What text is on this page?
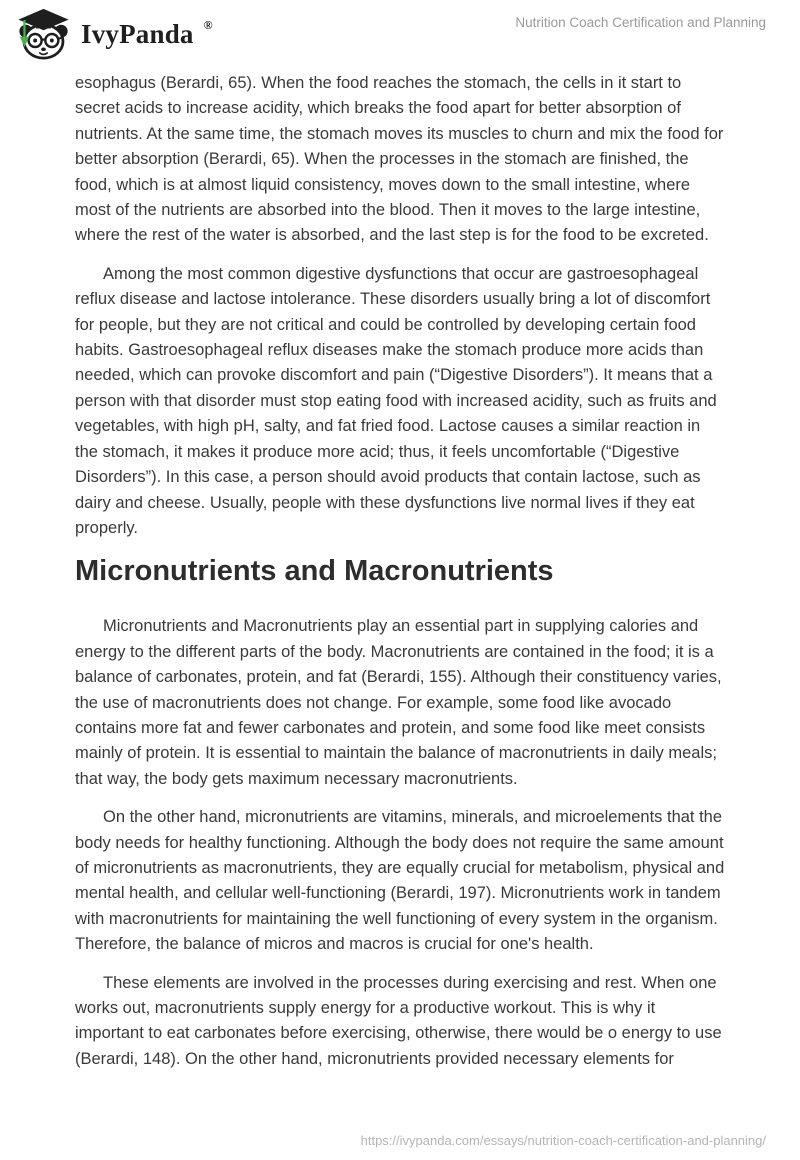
IvyPanda ®	Nutrition Coach Certification and Planning

esophagus (Berardi, 65). When the food reaches the stomach, the cells in it start to secret acids to increase acidity, which breaks the food apart for better absorption of nutrients. At the same time, the stomach moves its muscles to churn and mix the food for better absorption (Berardi, 65). When the processes in the stomach are finished, the food, which is at almost liquid consistency, moves down to the small intestine, where most of the nutrients are absorbed into the blood. Then it moves to the large intestine, where the rest of the water is absorbed, and the last step is for the food to be excreted.

Among the most common digestive dysfunctions that occur are gastroesophageal reflux disease and lactose intolerance. These disorders usually bring a lot of discomfort for people, but they are not critical and could be controlled by developing certain food habits. Gastroesophageal reflux diseases make the stomach produce more acids than needed, which can provoke discomfort and pain (“Digestive Disorders”). It means that a person with that disorder must stop eating food with increased acidity, such as fruits and vegetables, with high pH, salty, and fat fried food. Lactose causes a similar reaction in the stomach, it makes it produce more acid; thus, it feels uncomfortable (“Digestive Disorders”). In this case, a person should avoid products that contain lactose, such as dairy and cheese. Usually, people with these dysfunctions live normal lives if they eat properly.

Micronutrients and Macronutrients

Micronutrients and Macronutrients play an essential part in supplying calories and energy to the different parts of the body. Macronutrients are contained in the food; it is a balance of carbonates, protein, and fat (Berardi, 155). Although their constituency varies, the use of macronutrients does not change. For example, some food like avocado contains more fat and fewer carbonates and protein, and some food like meet consists mainly of protein. It is essential to maintain the balance of macronutrients in daily meals; that way, the body gets maximum necessary macronutrients.

On the other hand, micronutrients are vitamins, minerals, and microelements that the body needs for healthy functioning. Although the body does not require the same amount of micronutrients as macronutrients, they are equally crucial for metabolism, physical and mental health, and cellular well-functioning (Berardi, 197). Micronutrients work in tandem with macronutrients for maintaining the well functioning of every system in the organism. Therefore, the balance of micros and macros is crucial for one's health.

These elements are involved in the processes during exercising and rest. When one works out, macronutrients supply energy for a productive workout. This is why it important to eat carbonates before exercising, otherwise, there would be o energy to use (Berardi, 148). On the other hand, micronutrients provided necessary elements for

https://ivypanda.com/essays/nutrition-coach-certification-and-planning/
